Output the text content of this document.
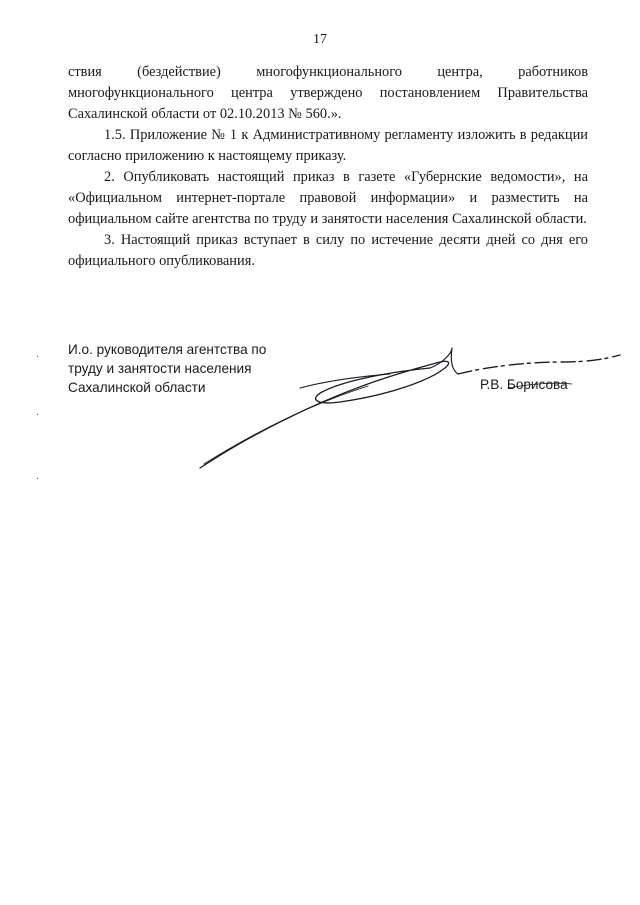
17

ствия (бездействие) многофункционального центра, работников многофункционального центра утверждено постановлением Правительства Сахалинской области от 02.10.2013 № 560.».

1.5. Приложение № 1 к Административному регламенту изложить в редакции согласно приложению к настоящему приказу.

2. Опубликовать настоящий приказ в газете «Губернские ведомости», на «Официальном интернет-портале правовой информации» и разместить на официальном сайте агентства по труду и занятости населения Сахалинской области.

3. Настоящий приказ вступает в силу по истечение десяти дней со дня его официального опубликования.

И.о. руководителя агентства по
труду и занятости населения
Сахалинской области	Р.В. Борисова
·
·
·
